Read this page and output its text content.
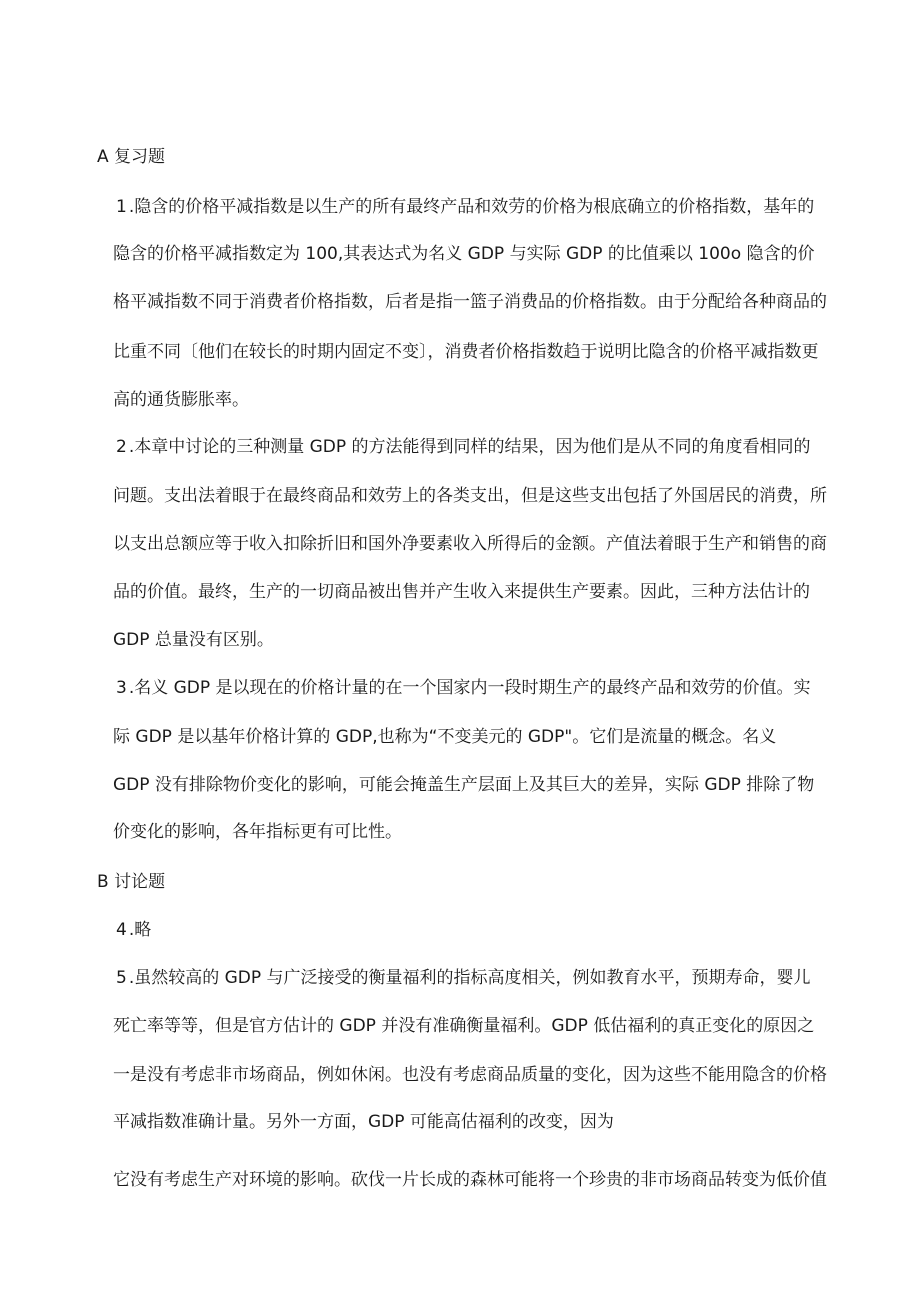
A 复习题
1 .隐含的价格平减指数是以生产的所有最终产品和效劳的价格为根底确立的价格指数，基年的
隐含的价格平减指数定为 100,其表达式为名义 GDP 与实际 GDP 的比值乘以 100o 隐含的价
格平减指数不同于消费者价格指数，后者是指一篮子消费品的价格指数。由于分配给各种商品的
比重不同〔他们在较长的时期内固定不变〕，消费者价格指数趋于说明比隐含的价格平减指数更
高的通货膨胀率。
2 .本章中讨论的三种测量 GDP 的方法能得到同样的结果，因为他们是从不同的角度看相同的
问题。支出法着眼于在最终商品和效劳上的各类支出，但是这些支出包括了外国居民的消费，所
以支出总额应等于收入扣除折旧和国外净要素收入所得后的金额。产值法着眼于生产和销售的商
品的价值。最终，生产的一切商品被出售并产生收入来提供生产要素。因此，三种方法估计的
GDP 总量没有区别。
3 .名义 GDP 是以现在的价格计量的在一个国家内一段时期生产的最终产品和效劳的价值。实
际 GDP 是以基年价格计算的 GDP,也称为“不变美元的 GDP"。它们是流量的概念。名义
GDP 没有排除物价变化的影响，可能会掩盖生产层面上及其巨大的差异，实际 GDP 排除了物
价变化的影响，各年指标更有可比性。
B 讨论题
4 .略
5 .虽然较高的 GDP 与广泛接受的衡量福利的指标高度相关，例如教育水平，预期寿命，婴儿
死亡率等等，但是官方估计的 GDP 并没有准确衡量福利。GDP 低估福利的真正变化的原因之
一是没有考虑非市场商品，例如休闲。也没有考虑商品质量的变化，因为这些不能用隐含的价格
平减指数准确计量。另外一方面，GDP 可能高估福利的改变，因为
它没有考虑生产对环境的影响。砍伐一片长成的森林可能将一个珍贵的非市场商品转变为低价值
